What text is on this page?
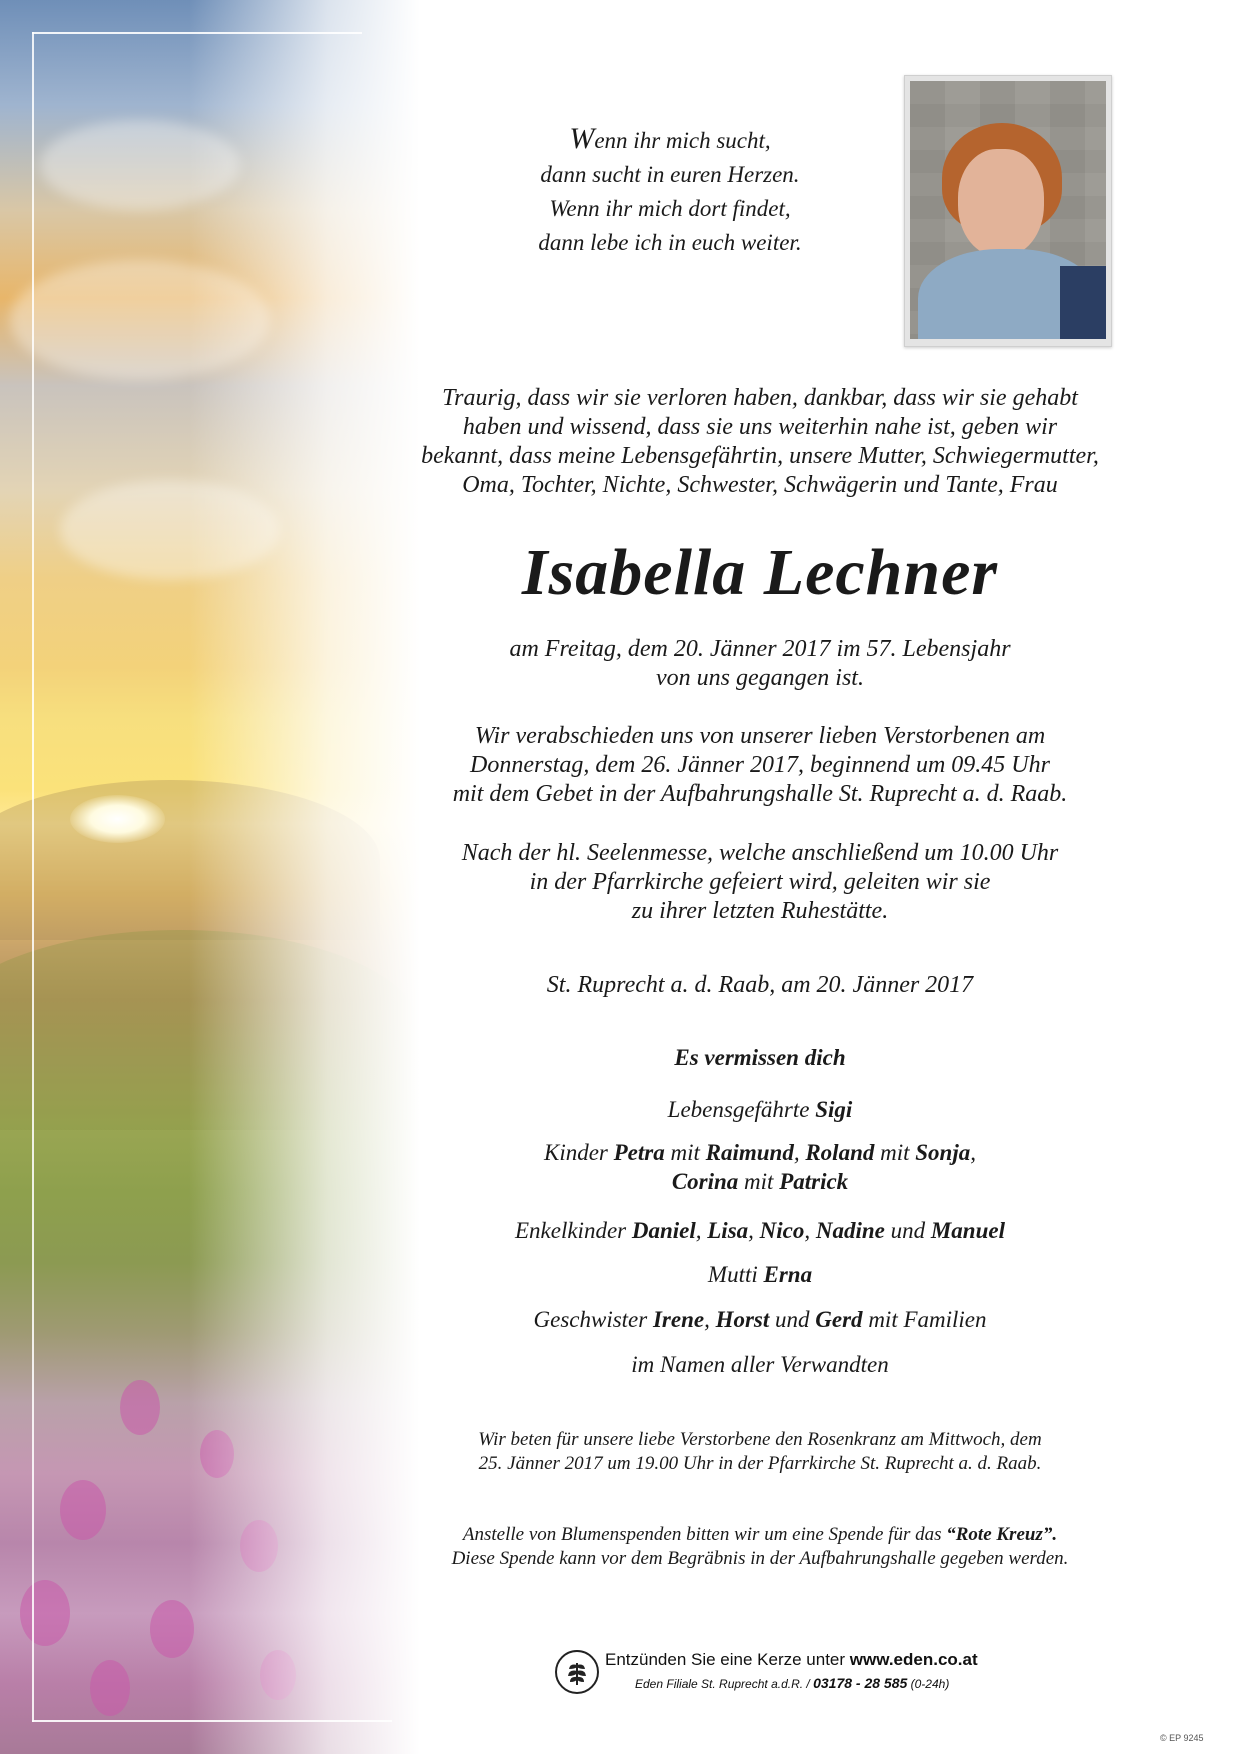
Wenn ihr mich sucht,
dann sucht in euren Herzen.
Wenn ihr mich dort findet,
dann lebe ich in euch weiter.
Traurig, dass wir sie verloren haben, dankbar, dass wir sie gehabt
haben und wissend, dass sie uns weiterhin nahe ist, geben wir
bekannt, dass meine Lebensgefährtin, unsere Mutter, Schwiegermutter,
Oma, Tochter, Nichte, Schwester, Schwägerin und Tante, Frau
Isabella Lechner
am Freitag, dem 20. Jänner 2017 im 57. Lebensjahr
von uns gegangen ist.
Wir verabschieden uns von unserer lieben Verstorbenen am
Donnerstag, dem 26. Jänner 2017, beginnend um 09.45 Uhr
mit dem Gebet in der Aufbahrungshalle St. Ruprecht a. d. Raab.
Nach der hl. Seelenmesse, welche anschließend um 10.00 Uhr
in der Pfarrkirche gefeiert wird, geleiten wir sie
zu ihrer letzten Ruhestätte.
St. Ruprecht a. d. Raab, am 20. Jänner 2017
Es vermissen dich
Lebensgefährte Sigi
Kinder Petra mit Raimund, Roland mit Sonja,
Corina mit Patrick
Enkelkinder Daniel, Lisa, Nico, Nadine und Manuel
Mutti Erna
Geschwister Irene, Horst und Gerd mit Familien
im Namen aller Verwandten
Wir beten für unsere liebe Verstorbene den Rosenkranz am Mittwoch, dem
25. Jänner 2017 um 19.00 Uhr in der Pfarrkirche St. Ruprecht a. d. Raab.
Anstelle von Blumenspenden bitten wir um eine Spende für das “Rote Kreuz”.
Diese Spende kann vor dem Begräbnis in der Aufbahrungshalle gegeben werden.
Entzünden Sie eine Kerze unter www.eden.co.at
Eden Filiale St. Ruprecht a.d.R. / 03178 - 28 585 (0-24h)
© EP 9245
